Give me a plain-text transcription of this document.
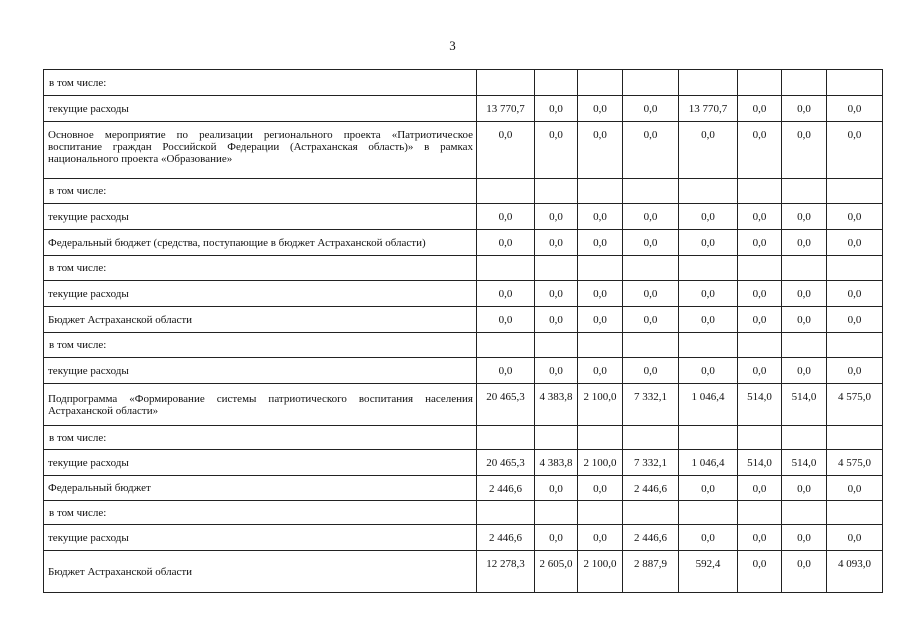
3
в том числе:								
текущие расходы	13 770,7	0,0	0,0	0,0	13 770,7	0,0	0,0	0,0
Основное мероприятие по реализации регионального проекта «Патриотическое воспитание граждан Российской Федерации (Астраханская область)» в рамках национального проекта «Образование»	0,0	0,0	0,0	0,0	0,0	0,0	0,0	0,0
в том числе:								
текущие расходы	0,0	0,0	0,0	0,0	0,0	0,0	0,0	0,0
Федеральный бюджет (средства, поступающие в бюджет Астраханской области)	0,0	0,0	0,0	0,0	0,0	0,0	0,0	0,0
в том числе:								
текущие расходы	0,0	0,0	0,0	0,0	0,0	0,0	0,0	0,0
Бюджет Астраханской области	0,0	0,0	0,0	0,0	0,0	0,0	0,0	0,0
в том числе:								
текущие расходы	0,0	0,0	0,0	0,0	0,0	0,0	0,0	0,0
Подпрограмма «Формирование системы патриотического воспитания населения Астраханской области»	20 465,3	4 383,8	2 100,0	7 332,1	1 046,4	514,0	514,0	4 575,0
в том числе:								
текущие расходы	20 465,3	4 383,8	2 100,0	7 332,1	1 046,4	514,0	514,0	4 575,0
Федеральный бюджет	2 446,6	0,0	0,0	2 446,6	0,0	0,0	0,0	0,0
в том числе:								
текущие расходы	2 446,6	0,0	0,0	2 446,6	0,0	0,0	0,0	0,0
Бюджет Астраханской области	12 278,3	2 605,0	2 100,0	2 887,9	592,4	0,0	0,0	4 093,0
